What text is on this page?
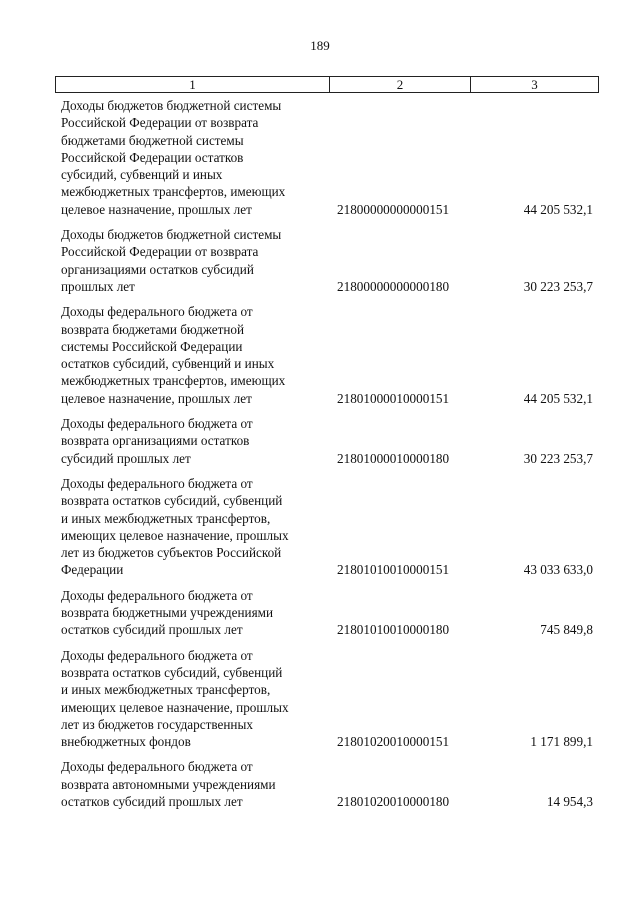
189
1	2	3
Доходы бюджетов бюджетной системы
Российской Федерации от возврата
бюджетами бюджетной системы
Российской Федерации остатков
субсидий, субвенций и иных
межбюджетных трансфертов, имеющих
целевое назначение, прошлых лет	21800000000000151	44 205 532,1
Доходы бюджетов бюджетной системы
Российской Федерации от возврата
организациями остатков субсидий
прошлых лет	21800000000000180	30 223 253,7
Доходы федерального бюджета от
возврата бюджетами бюджетной
системы Российской Федерации
остатков субсидий, субвенций и иных
межбюджетных трансфертов, имеющих
целевое назначение, прошлых лет	21801000010000151	44 205 532,1
Доходы федерального бюджета от
возврата организациями остатков
субсидий прошлых лет	21801000010000180	30 223 253,7
Доходы федерального бюджета от
возврата остатков субсидий, субвенций
и иных межбюджетных трансфертов,
имеющих целевое назначение, прошлых
лет из бюджетов субъектов Российской
Федерации	21801010010000151	43 033 633,0
Доходы федерального бюджета от
возврата бюджетными учреждениями
остатков субсидий прошлых лет	21801010010000180	745 849,8
Доходы федерального бюджета от
возврата остатков субсидий, субвенций
и иных межбюджетных трансфертов,
имеющих целевое назначение, прошлых
лет из бюджетов государственных
внебюджетных фондов	21801020010000151	1 171 899,1
Доходы федерального бюджета от
возврата автономными учреждениями
остатков субсидий прошлых лет	21801020010000180	14 954,3
